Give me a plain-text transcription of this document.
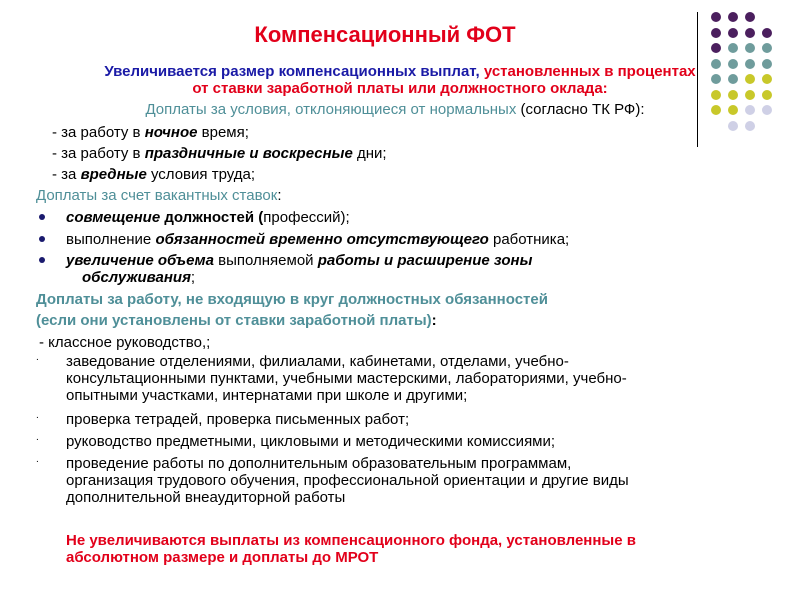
Компенсационный ФОТ
Увеличивается размер компенсационных выплат, установленных в процентах
от ставки заработной платы или должностного оклада:
Доплаты за условия, отклоняющиеся от нормальных (согласно ТК РФ):
- за работу в ночное время;
- за работу в праздничные и воскресные дни;
- за вредные условия труда;
Доплаты за счет вакантных ставок:
совмещение должностей (профессий);
выполнение обязанностей временно отсутствующего работника;
увеличение объема выполняемой работы и расширение зоны
обслуживания;
Доплаты за работу, не входящую в круг должностных обязанностей
(если они установлены от ставки заработной платы):
- классное руководство,;
. заведование отделениями, филиалами, кабинетами, отделами, учебно-
консультационными пунктами, учебными мастерскими, лабораториями, учебно-
опытными участками, интернатами при школе и другими;
. проверка тетрадей, проверка письменных работ;
. руководство предметными, цикловыми и методическими комиссиями;
. проведение работы по дополнительным образовательным программам,
организация трудового обучения, профессиональной ориентации и другие виды
дополнительной внеаудиторной работы
Не увеличиваются выплаты из компенсационного фонда, установленные в
абсолютном размере и доплаты до МРОТ
